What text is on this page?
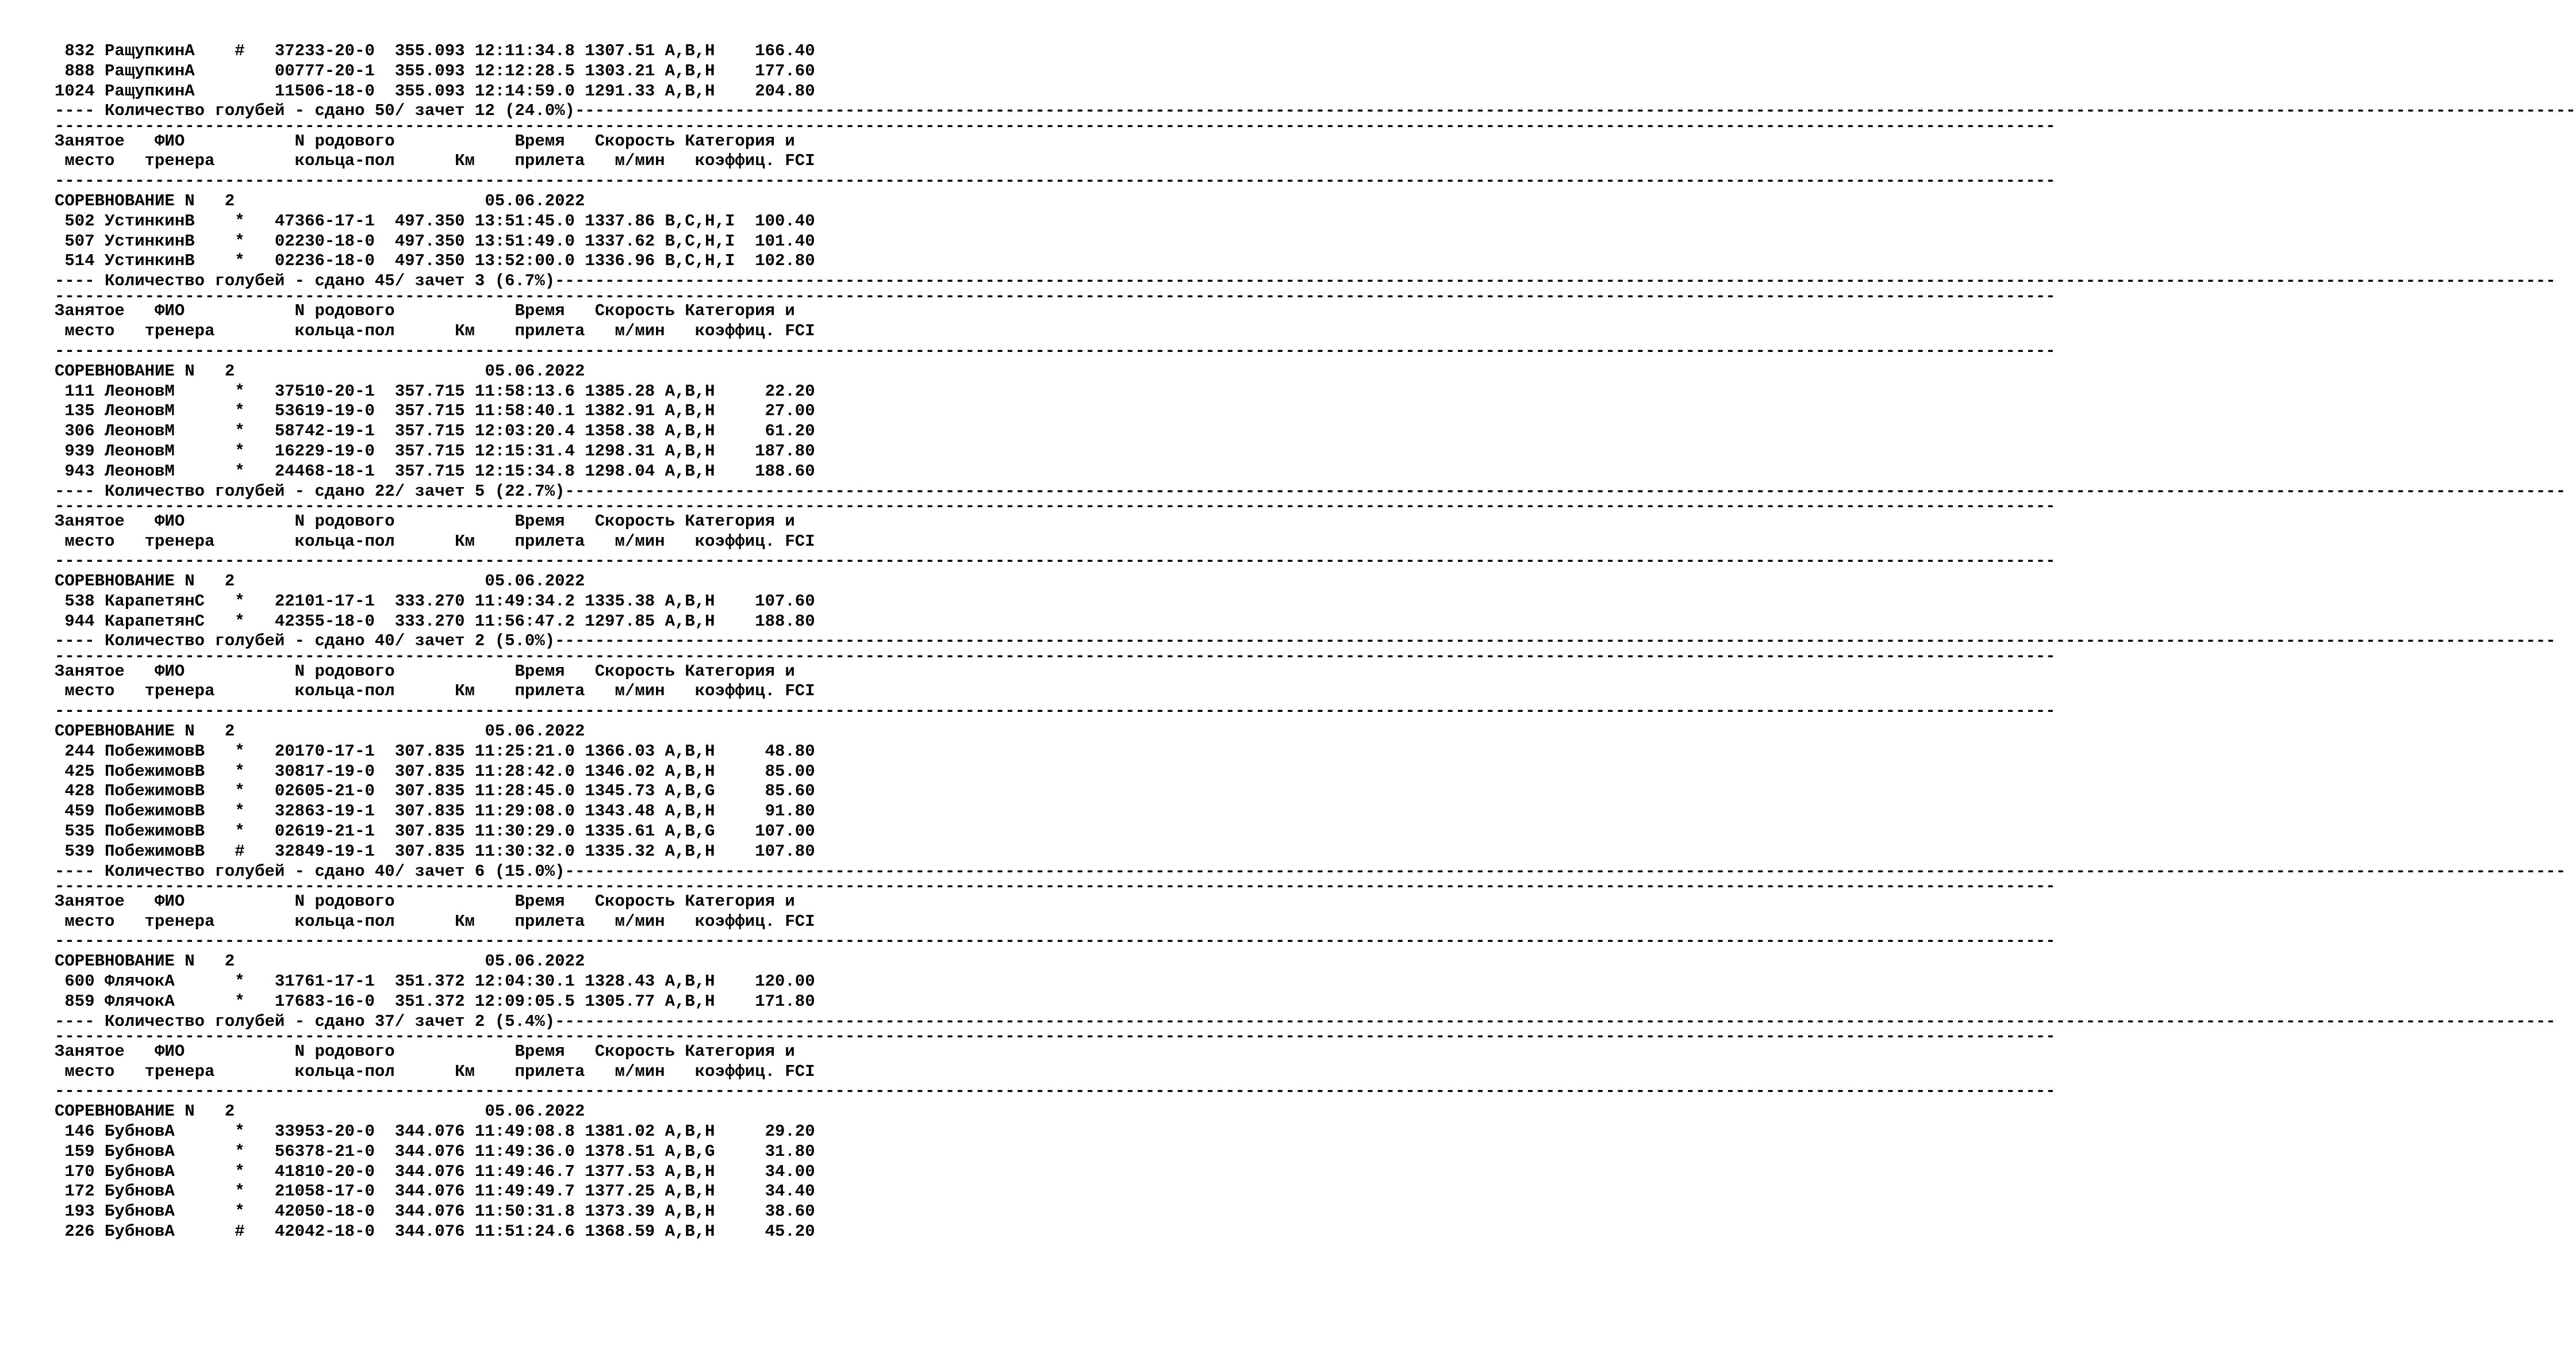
832 РащупкинА    #   37233-20-0  355.093 12:11:34.8 1307.51 A,B,H    166.40
888 РащупкинА        00777-20-1  355.093 12:12:28.5 1303.21 A,B,H    177.60
1024 РащупкинА        11506-18-0  355.093 12:14:59.0 1291.33 A,B,H    204.80
---- Количество голубей - сдано 50/ зачет 12 (24.0%)--------------------------------------------------------------------------------------------------------------------------------------------------------------------------------------------------------
--------------------------------------------------------------------------------------------------------------------------------------------------------------------------------------------------------
Занятое   ФИО           N родового            Время   Скорость Категория и
место   тренера        кольца-пол      Км    прилета   м/мин   коэффиц. FCI
--------------------------------------------------------------------------------------------------------------------------------------------------------------------------------------------------------
СОРЕВНОВАНИЕ N   2                         05.06.2022
502 УстинкинВ    *   47366-17-1  497.350 13:51:45.0 1337.86 B,C,H,I  100.40
507 УстинкинВ    *   02230-18-0  497.350 13:51:49.0 1337.62 B,C,H,I  101.40
514 УстинкинВ    *   02236-18-0  497.350 13:52:00.0 1336.96 B,C,H,I  102.80
---- Количество голубей - сдано 45/ зачет 3 (6.7%)--------------------------------------------------------------------------------------------------------------------------------------------------------------------------------------------------------
--------------------------------------------------------------------------------------------------------------------------------------------------------------------------------------------------------
Занятое   ФИО           N родового            Время   Скорость Категория и
место   тренера        кольца-пол      Км    прилета   м/мин   коэффиц. FCI
--------------------------------------------------------------------------------------------------------------------------------------------------------------------------------------------------------
СОРЕВНОВАНИЕ N   2                         05.06.2022
111 ЛеоновМ      *   37510-20-1  357.715 11:58:13.6 1385.28 A,B,H     22.20
135 ЛеоновМ      *   53619-19-0  357.715 11:58:40.1 1382.91 A,B,H     27.00
306 ЛеоновМ      *   58742-19-1  357.715 12:03:20.4 1358.38 A,B,H     61.20
939 ЛеоновМ      *   16229-19-0  357.715 12:15:31.4 1298.31 A,B,H    187.80
943 ЛеоновМ      *   24468-18-1  357.715 12:15:34.8 1298.04 A,B,H    188.60
---- Количество голубей - сдано 22/ зачет 5 (22.7%)--------------------------------------------------------------------------------------------------------------------------------------------------------------------------------------------------------
--------------------------------------------------------------------------------------------------------------------------------------------------------------------------------------------------------
Занятое   ФИО           N родового            Время   Скорость Категория и
место   тренера        кольца-пол      Км    прилета   м/мин   коэффиц. FCI
--------------------------------------------------------------------------------------------------------------------------------------------------------------------------------------------------------
СОРЕВНОВАНИЕ N   2                         05.06.2022
538 КарапетянС   *   22101-17-1  333.270 11:49:34.2 1335.38 A,B,H    107.60
944 КарапетянС   *   42355-18-0  333.270 11:56:47.2 1297.85 A,B,H    188.80
---- Количество голубей - сдано 40/ зачет 2 (5.0%)--------------------------------------------------------------------------------------------------------------------------------------------------------------------------------------------------------
--------------------------------------------------------------------------------------------------------------------------------------------------------------------------------------------------------
Занятое   ФИО           N родового            Время   Скорость Категория и
место   тренера        кольца-пол      Км    прилета   м/мин   коэффиц. FCI
--------------------------------------------------------------------------------------------------------------------------------------------------------------------------------------------------------
СОРЕВНОВАНИЕ N   2                         05.06.2022
244 ПобежимовВ   *   20170-17-1  307.835 11:25:21.0 1366.03 A,B,H     48.80
425 ПобежимовВ   *   30817-19-0  307.835 11:28:42.0 1346.02 A,B,H     85.00
428 ПобежимовВ   *   02605-21-0  307.835 11:28:45.0 1345.73 A,B,G     85.60
459 ПобежимовВ   *   32863-19-1  307.835 11:29:08.0 1343.48 A,B,H     91.80
535 ПобежимовВ   *   02619-21-1  307.835 11:30:29.0 1335.61 A,B,G    107.00
539 ПобежимовВ   #   32849-19-1  307.835 11:30:32.0 1335.32 A,B,H    107.80
---- Количество голубей - сдано 40/ зачет 6 (15.0%)--------------------------------------------------------------------------------------------------------------------------------------------------------------------------------------------------------
--------------------------------------------------------------------------------------------------------------------------------------------------------------------------------------------------------
Занятое   ФИО           N родового            Время   Скорость Категория и
место   тренера        кольца-пол      Км    прилета   м/мин   коэффиц. FCI
--------------------------------------------------------------------------------------------------------------------------------------------------------------------------------------------------------
СОРЕВНОВАНИЕ N   2                         05.06.2022
600 ФлячокА      *   31761-17-1  351.372 12:04:30.1 1328.43 A,B,H    120.00
859 ФлячокА      *   17683-16-0  351.372 12:09:05.5 1305.77 A,B,H    171.80
---- Количество голубей - сдано 37/ зачет 2 (5.4%)--------------------------------------------------------------------------------------------------------------------------------------------------------------------------------------------------------
--------------------------------------------------------------------------------------------------------------------------------------------------------------------------------------------------------
Занятое   ФИО           N родового            Время   Скорость Категория и
место   тренера        кольца-пол      Км    прилета   м/мин   коэффиц. FCI
--------------------------------------------------------------------------------------------------------------------------------------------------------------------------------------------------------
СОРЕВНОВАНИЕ N   2                         05.06.2022
146 БубновА      *   33953-20-0  344.076 11:49:08.8 1381.02 A,B,H     29.20
159 БубновА      *   56378-21-0  344.076 11:49:36.0 1378.51 A,B,G     31.80
170 БубновА      *   41810-20-0  344.076 11:49:46.7 1377.53 A,B,H     34.00
172 БубновА      *   21058-17-0  344.076 11:49:49.7 1377.25 A,B,H     34.40
193 БубновА      *   42050-18-0  344.076 11:50:31.8 1373.39 A,B,H     38.60
226 БубновА      #   42042-18-0  344.076 11:51:24.6 1368.59 A,B,H     45.20
